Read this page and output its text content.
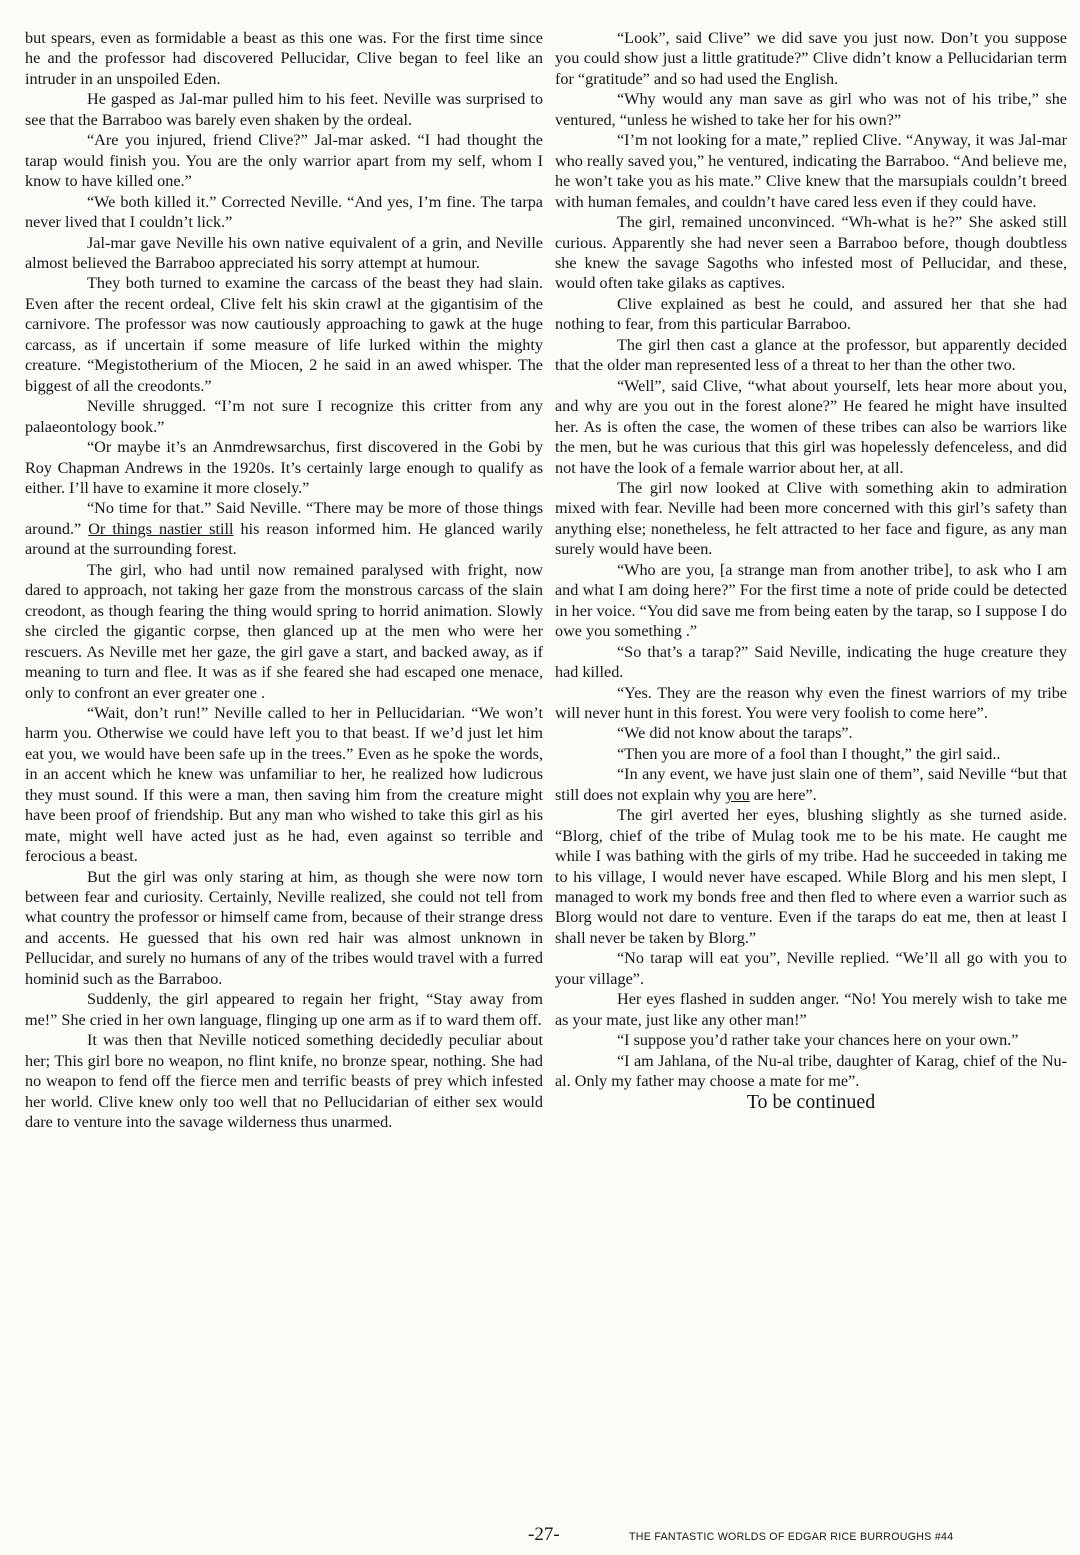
but spears, even as formidable a beast as this one was. For the first time since he and the professor had discovered Pellucidar, Clive began to feel like an intruder in an unspoiled Eden.

He gasped as Jal-mar pulled him to his feet. Neville was surprised to see that the Barraboo was barely even shaken by the ordeal.

“Are you injured, friend Clive?” Jal-mar asked. “I had thought the tarap would finish you. You are the only warrior apart from my self, whom I know to have killed one.”

“We both killed it.” Corrected Neville. “And yes, I’m fine. The tarpa never lived that I couldn’t lick.”

Jal-mar gave Neville his own native equivalent of a grin, and Neville almost believed the Barraboo appreciated his sorry attempt at humour.

They both turned to examine the carcass of the beast they had slain. Even after the recent ordeal, Clive felt his skin crawl at the gigantisim of the carnivore. The professor was now cautiously approaching to gawk at the huge carcass, as if uncertain if some measure of life lurked within the mighty creature. “Megistotherium of the Miocen, 2 he said in an awed whisper. The biggest of all the creodonts.”

Neville shrugged. “I’m not sure I recognize this critter from any palaeontology book.”

“Or maybe it’s an Anmdrewsarchus, first discovered in the Gobi by Roy Chapman Andrews in the 1920s. It’s certainly large enough to qualify as either. I’ll have to examine it more closely.”

“No time for that.” Said Neville. “There may be more of those things around.” Or things nastier still his reason informed him. He glanced warily around at the surrounding forest.

The girl, who had until now remained paralysed with fright, now dared to approach, not taking her gaze from the monstrous carcass of the slain creodont, as though fearing the thing would spring to horrid animation. Slowly she circled the gigantic corpse, then glanced up at the men who were her rescuers. As Neville met her gaze, the girl gave a start, and backed away, as if meaning to turn and flee. It was as if she feared she had escaped one menace, only to confront an ever greater one .

“Wait, don’t run!” Neville called to her in Pellucidarian. “We won’t harm you. Otherwise we could have left you to that beast. If we’d just let him eat you, we would have been safe up in the trees.” Even as he spoke the words, in an accent which he knew was unfamiliar to her, he realized how ludicrous they must sound. If this were a man, then saving him from the creature might have been proof of friendship. But any man who wished to take this girl as his mate, might well have acted just as he had, even against so terrible and ferocious a beast.

But the girl was only staring at him, as though she were now torn between fear and curiosity. Certainly, Neville realized, she could not tell from what country the professor or himself came from, because of their strange dress and accents. He guessed that his own red hair was almost unknown in Pellucidar, and surely no humans of any of the tribes would travel with a furred hominid such as the Barraboo.

Suddenly, the girl appeared to regain her fright, “Stay away from me!” She cried in her own language, flinging up one arm as if to ward them off.

It was then that Neville noticed something decidedly peculiar about her; This girl bore no weapon, no flint knife, no bronze spear, nothing. She had no weapon to fend off the fierce men and terrific beasts of prey which infested her world. Clive knew only too well that no Pellucidarian of either sex would dare to venture into the savage wilderness thus unarmed.

“Look”, said Clive” we did save you just now. Don’t you suppose you could show just a little gratitude?” Clive didn’t know a Pellucidarian term for “gratitude” and so had used the English.

“Why would any man save as girl who was not of his tribe,” she ventured, “unless he wished to take her for his own?”

“I’m not looking for a mate,” replied Clive. “Anyway, it was Jal-mar who really saved you,” he ventured, indicating the Barraboo. “And believe me, he won’t take you as his mate.” Clive knew that the marsupials couldn’t breed with human females, and couldn’t have cared less even if they could have.

The girl, remained unconvinced. “Wh-what is he?” She asked still curious. Apparently she had never seen a Barraboo before, though doubtless she knew the savage Sagoths who infested most of Pellucidar, and these, would often take gilaks as captives.

Clive explained as best he could, and assured her that she had nothing to fear, from this particular Barraboo.

The girl then cast a glance at the professor, but apparently decided that the older man represented less of a threat to her than the other two.

“Well”, said Clive, “what about yourself, lets hear more about you, and why are you out in the forest alone?” He feared he might have insulted her. As is often the case, the women of these tribes can also be warriors like the men, but he was curious that this girl was hopelessly defenceless, and did not have the look of a female warrior about her, at all.

The girl now looked at Clive with something akin to admiration mixed with fear. Neville had been more concerned with this girl’s safety than anything else; nonetheless, he felt attracted to her face and figure, as any man surely would have been.

“Who are you, [a strange man from another tribe], to ask who I am and what I am doing here?” For the first time a note of pride could be detected in her voice. “You did save me from being eaten by the tarap, so I suppose I do owe you something .”

“So that’s a tarap?” Said Neville, indicating the huge creature they had killed.

“Yes. They are the reason why even the finest warriors of my tribe will never hunt in this forest. You were very foolish to come here”.

“We did not know about the taraps”.

“Then you are more of a fool than I thought,” the girl said..

“In any event, we have just slain one of them”, said Neville “but that still does not explain why you are here”.

The girl averted her eyes, blushing slightly as she turned aside. “Blorg, chief of the tribe of Mulag took me to be his mate. He caught me while I was bathing with the girls of my tribe. Had he succeeded in taking me to his village, I would never have escaped. While Blorg and his men slept, I managed to work my bonds free and then fled to where even a warrior such as Blorg would not dare to venture. Even if the taraps do eat me, then at least I shall never be taken by Blorg.”

“No tarap will eat you”, Neville replied. “We’ll all go with you to your village”.

Her eyes flashed in sudden anger. “No! You merely wish to take me as your mate, just like any other man!”

“I suppose you’d rather take your chances here on your own.”

“I am Jahlana, of the Nu-al tribe, daughter of Karag, chief of the Nu-al. Only my father may choose a mate for me”.

To be continued

-27-	THE FANTASTIC WORLDS OF EDGAR RICE BURROUGHS #44
